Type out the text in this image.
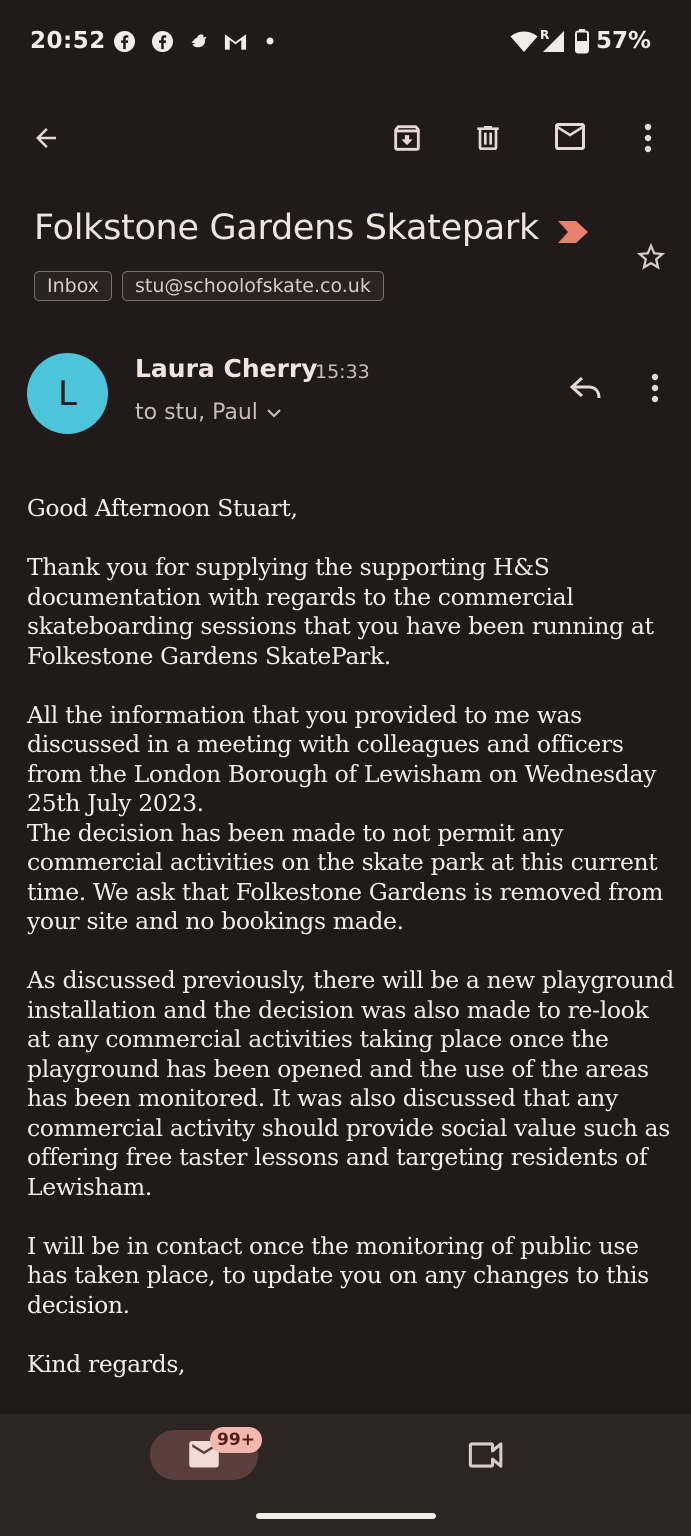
20:52	R 57%
Folkstone Gardens Skatepark
Inbox	stu@schoolofskate.co.uk
L
Laura Cherry
15:33
to stu, Paul

Good Afternoon Stuart,

Thank you for supplying the supporting H&S documentation with regards to the commercial skateboarding sessions that you have been running at Folkestone Gardens SkatePark.

All the information that you provided to me was discussed in a meeting with colleagues and officers from the London Borough of Lewisham on Wednesday 25th July 2023.
The decision has been made to not permit any commercial activities on the skate park at this current time. We ask that Folkestone Gardens is removed from your site and no bookings made.

As discussed previously, there will be a new playground installation and the decision was also made to re-look at any commercial activities taking place once the playground has been opened and the use of the areas has been monitored. It was also discussed that any commercial activity should provide social value such as offering free taster lessons and targeting residents of Lewisham.

I will be in contact once the monitoring of public use has taken place, to update you on any changes to this decision.

Kind regards,

99+
